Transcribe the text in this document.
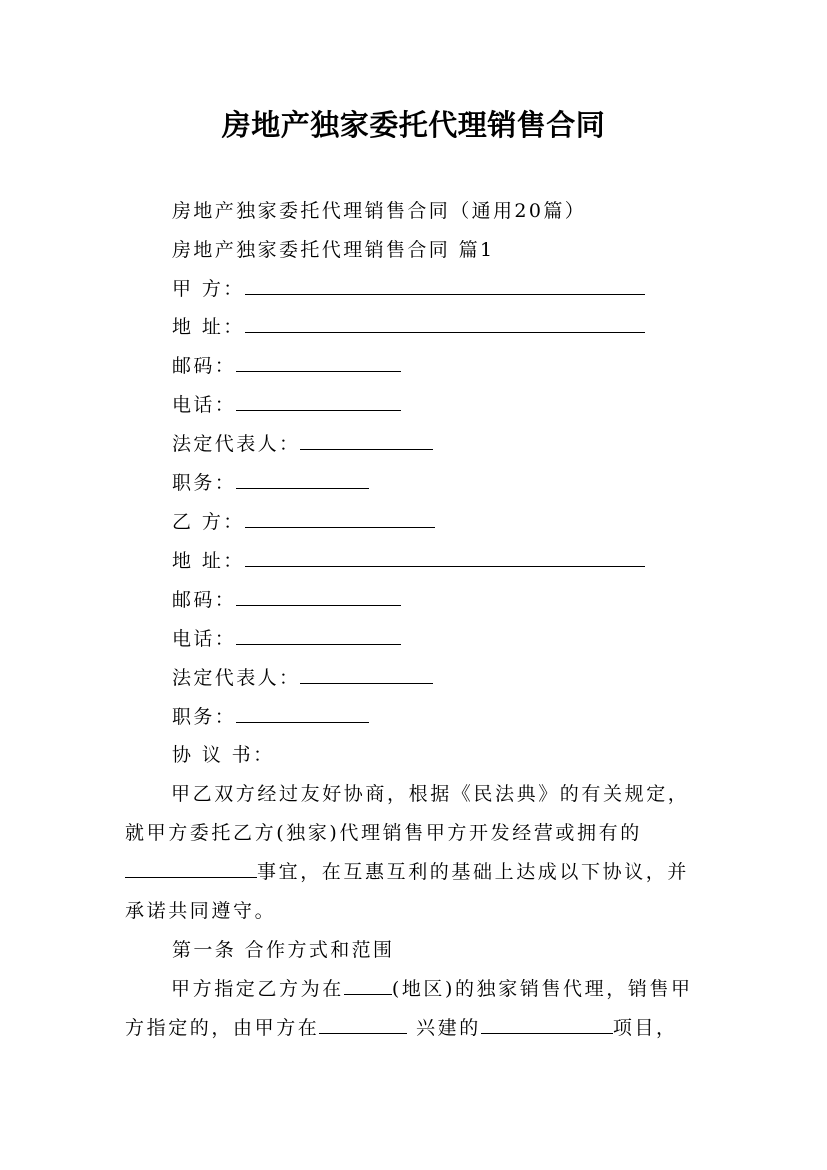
房地产独家委托代理销售合同
房地产独家委托代理销售合同（通用20篇）
房地产独家委托代理销售合同 篇1
甲 方：
地 址：
邮码：
电话：
法定代表人：
职务：
乙 方：
地 址：
邮码：
电话：
法定代表人：
职务：
协 议 书：
甲乙双方经过友好协商，根据《民法典》的有关规定，
就甲方委托乙方(独家)代理销售甲方开发经营或拥有的
事宜，在互惠互利的基础上达成以下协议，并
承诺共同遵守。
第一条 合作方式和范围
甲方指定乙方为在	(地区)的独家销售代理，销售甲
方指定的，由甲方在	兴建的	项目，
